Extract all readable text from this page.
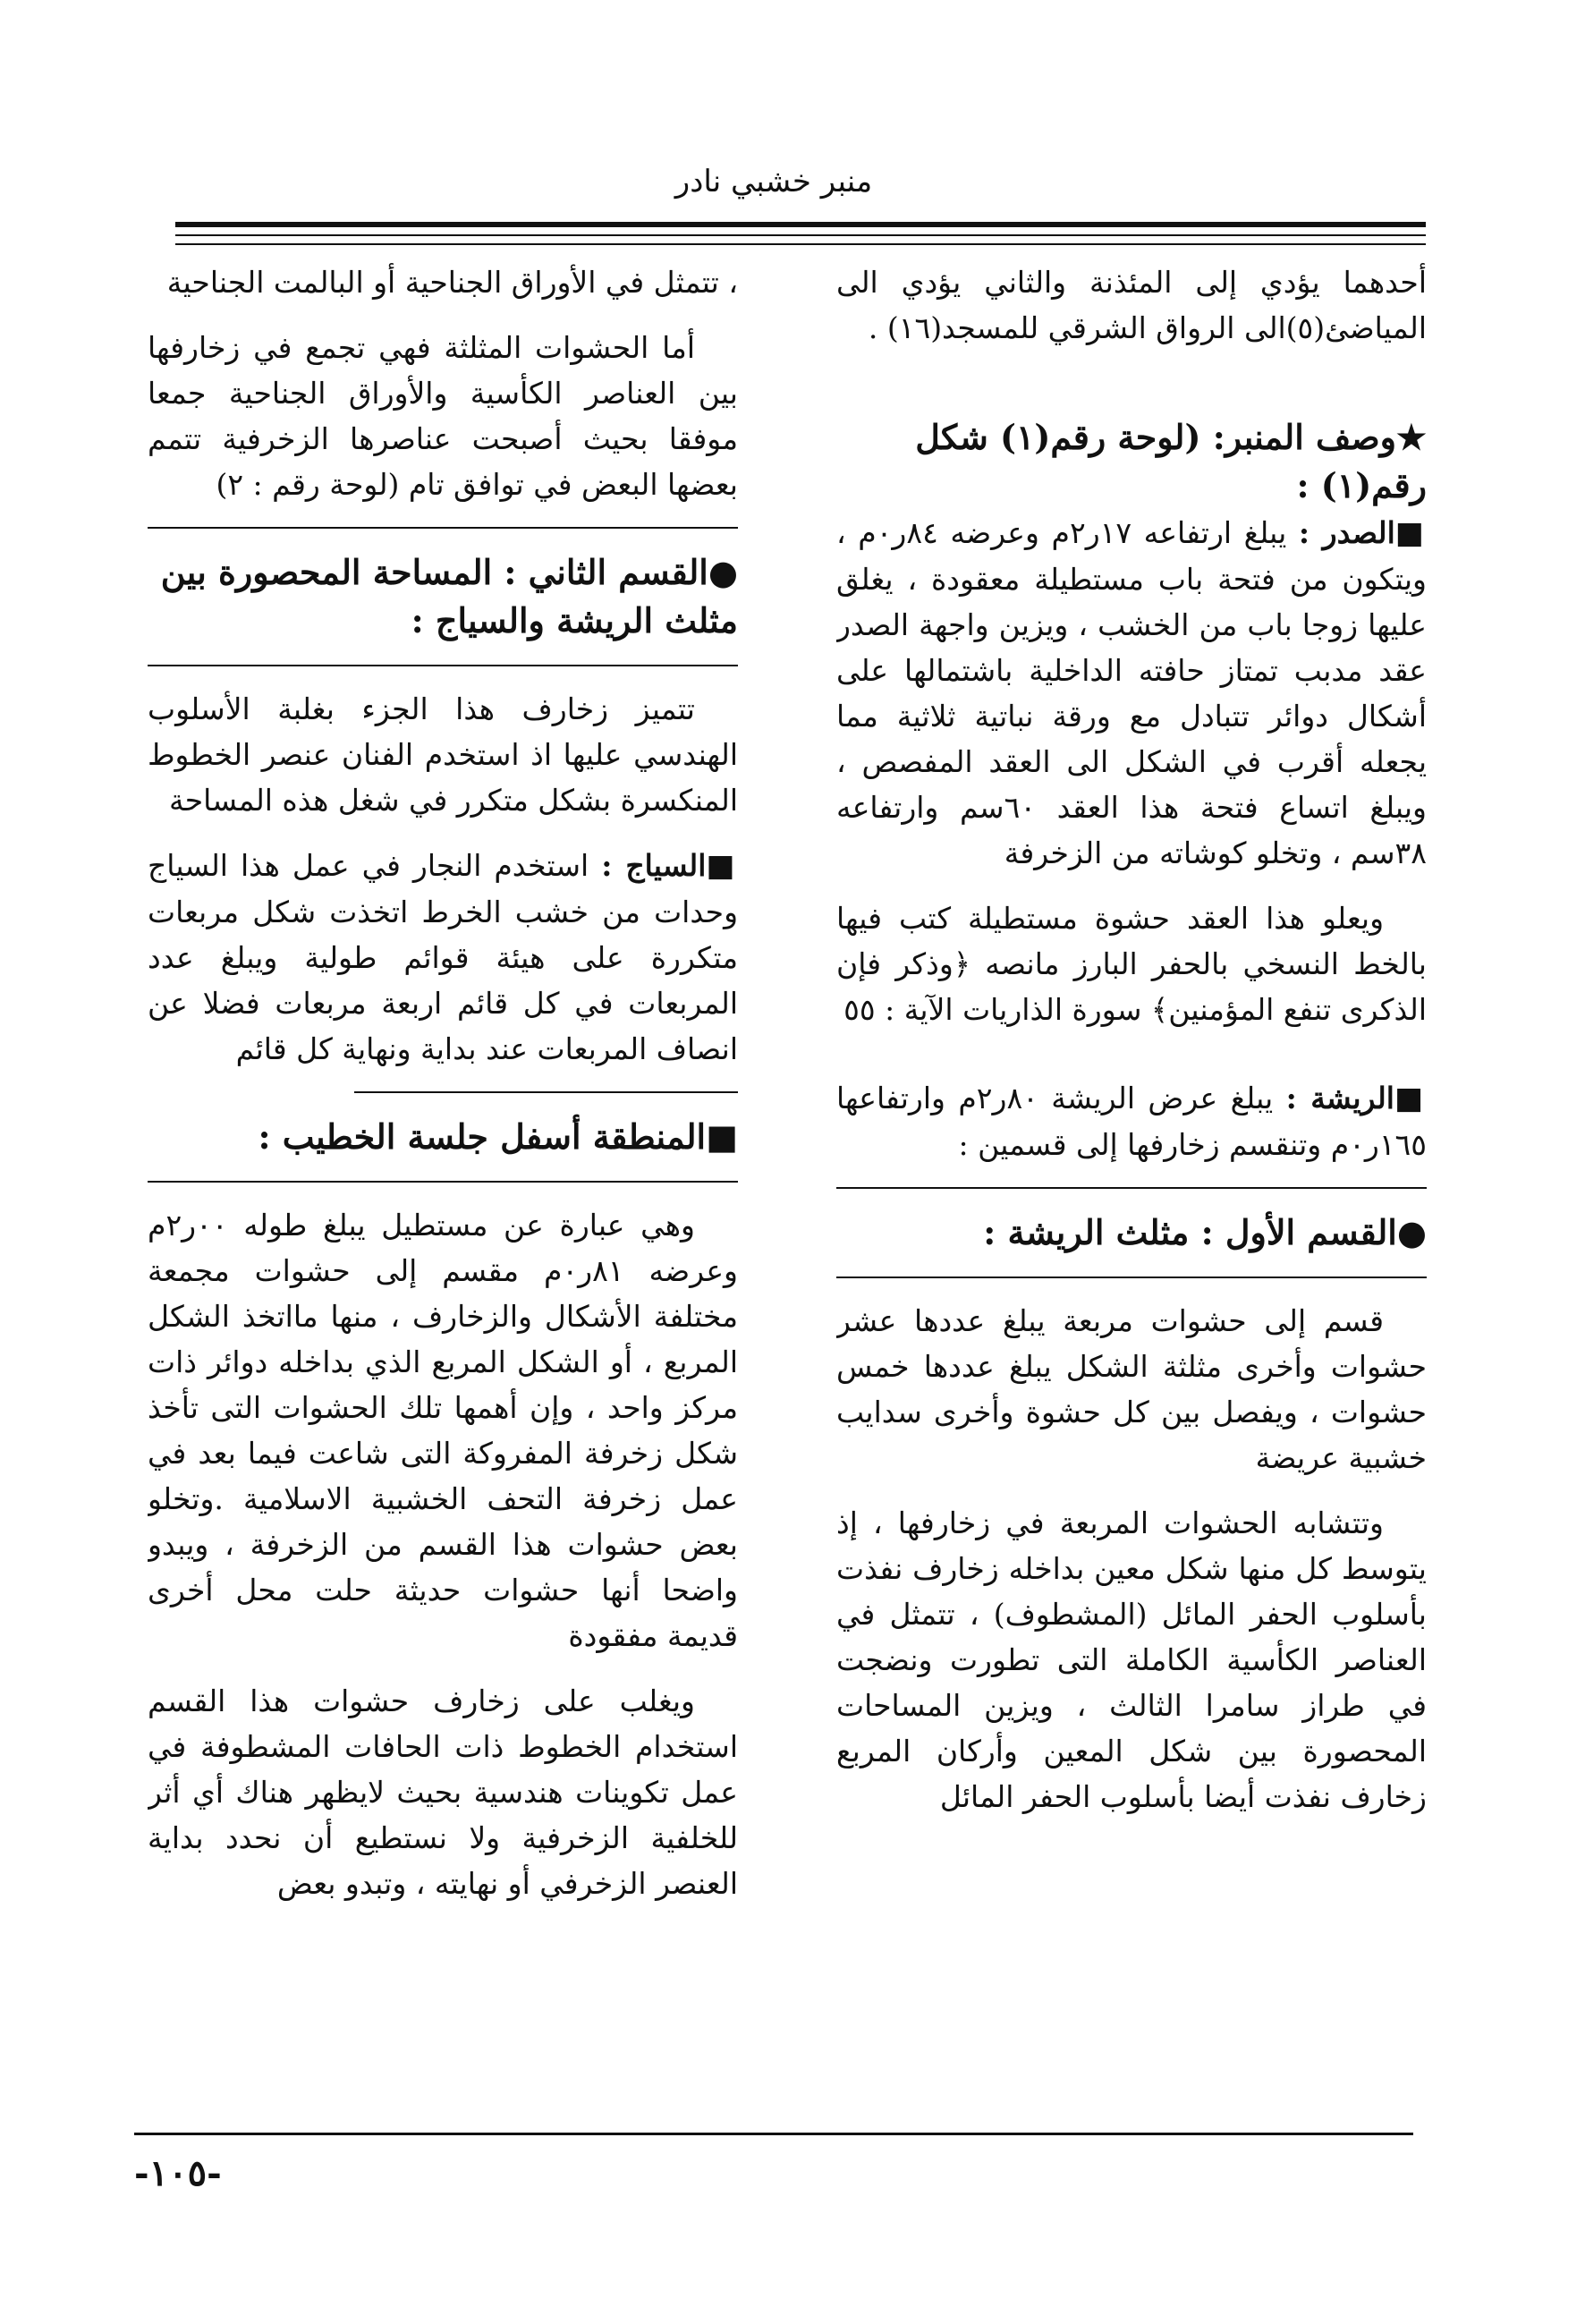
منبر خشبي نادر

أحدهما يؤدي إلى المئذنة والثاني يؤدي الى المياضئ(٥)الى الرواق الشرقي للمسجد(١٦) .

★وصف المنبر: (لوحة رقم(١) شكل رقم(١) :

■الصدر : يبلغ ارتفاعه ١٧ر٢م وعرضه ٨٤ر٠م ، ويتكون من فتحة باب مستطيلة معقودة ، يغلق عليها زوجا باب من الخشب ، ويزين واجهة الصدر عقد مدبب تمتاز حافته الداخلية باشتمالها على أشكال دوائر تتبادل مع ورقة نباتية ثلاثية مما يجعله أقرب في الشكل الى العقد المفصص ، ويبلغ اتساع فتحة هذا العقد ٦٠سم وارتفاعه ٣٨سم ، وتخلو كوشاته من الزخرفة

ويعلو هذا العقد حشوة مستطيلة كتب فيها بالخط النسخي بالحفر البارز مانصه ﴿وذكر فإن الذكرى تنفع المؤمنين﴾ سورة الذاريات الآية : ٥٥

■الريشة : يبلغ عرض الريشة ٨٠ر٢م وارتفاعها ١٦٥ر٠م وتنقسم زخارفها إلى قسمين :

●القسم الأول : مثلث الريشة :

قسم إلى حشوات مربعة يبلغ عددها عشر حشوات وأخرى مثلثة الشكل يبلغ عددها خمس حشوات ، ويفصل بين كل حشوة وأخرى سدايب خشبية عريضة

وتتشابه الحشوات المربعة في زخارفها ، إذ يتوسط كل منها شكل معين بداخله زخارف نفذت بأسلوب الحفر المائل (المشطوف) ، تتمثل في العناصر الكأسية الكاملة التى تطورت ونضجت في طراز سامرا الثالث ، ويزين المساحات المحصورة بين شكل المعين وأركان المربع زخارف نفذت أيضا بأسلوب الحفر المائل

، تتمثل في الأوراق الجناحية أو البالمت الجناحية

أما الحشوات المثلثة فهي تجمع في زخارفها بين العناصر الكأسية والأوراق الجناحية جمعا موفقا بحيث أصبحت عناصرها الزخرفية تتمم بعضها البعض في توافق تام (لوحة رقم : ٢)

●القسم الثاني : المساحة المحصورة بين مثلث الريشة والسياج :

تتميز زخارف هذا الجزء بغلبة الأسلوب الهندسي عليها اذ استخدم الفنان عنصر الخطوط المنكسرة بشكل متكرر في شغل هذه المساحة

■السياج : استخدم النجار في عمل هذا السياج وحدات من خشب الخرط اتخذت شكل مربعات متكررة على هيئة قوائم طولية ويبلغ عدد المربعات في كل قائم اربعة مربعات فضلا عن انصاف المربعات عند بداية ونهاية كل قائم

■المنطقة أسفل جلسة الخطيب :

وهي عبارة عن مستطيل يبلغ طوله ٠٠ر٢م وعرضه ٨١ر٠م مقسم إلى حشوات مجمعة مختلفة الأشكال والزخارف ، منها مااتخذ الشكل المربع ، أو الشكل المربع الذي بداخله دوائر ذات مركز واحد ، وإن أهمها تلك الحشوات التى تأخذ شكل زخرفة المفروكة التى شاعت فيما بعد في عمل زخرفة التحف الخشبية الاسلامية .وتخلو بعض حشوات هذا القسم من الزخرفة ، ويبدو واضحا أنها حشوات حديثة حلت محل أخرى قديمة مفقودة

ويغلب على زخارف حشوات هذا القسم استخدام الخطوط ذات الحافات المشطوفة في عمل تكوينات هندسية بحيث لايظهر هناك أي أثر للخلفية الزخرفية ولا نستطيع أن نحدد بداية العنصر الزخرفي أو نهايته ، وتبدو بعض

-١٠٥-
